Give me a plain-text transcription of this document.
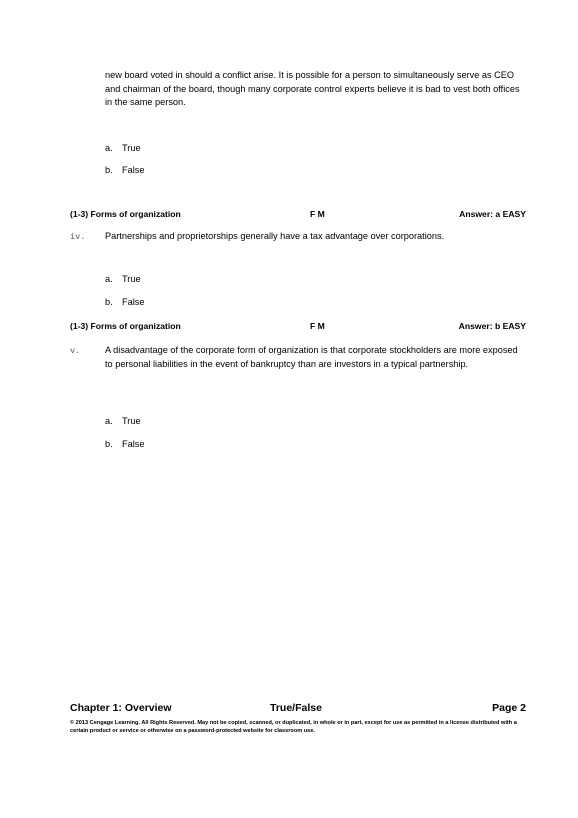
new board voted in should a conflict arise. It is possible for a person to simultaneously serve as CEO and chairman of the board, though many corporate control experts believe it is bad to vest both offices in the same person.
a. True
b. False
(1-3) Forms of organization	F M	Answer: a EASY
iv. Partnerships and proprietorships generally have a tax advantage over corporations.
a. True
b. False
(1-3) Forms of organization	F M	Answer: b EASY
v.	A disadvantage of the corporate form of organization is that corporate stockholders are more exposed to personal liabilities in the event of bankruptcy than are investors in a typical partnership.
a. True
b. False
Chapter 1: Overview	True/False	Page 2
© 2013 Cengage Learning. All Rights Reserved. May not be copied, scanned, or duplicated, in whole or in part, except for use as permitted in a license distributed with a certain product or service or otherwise on a password-protected website for classroom use.
